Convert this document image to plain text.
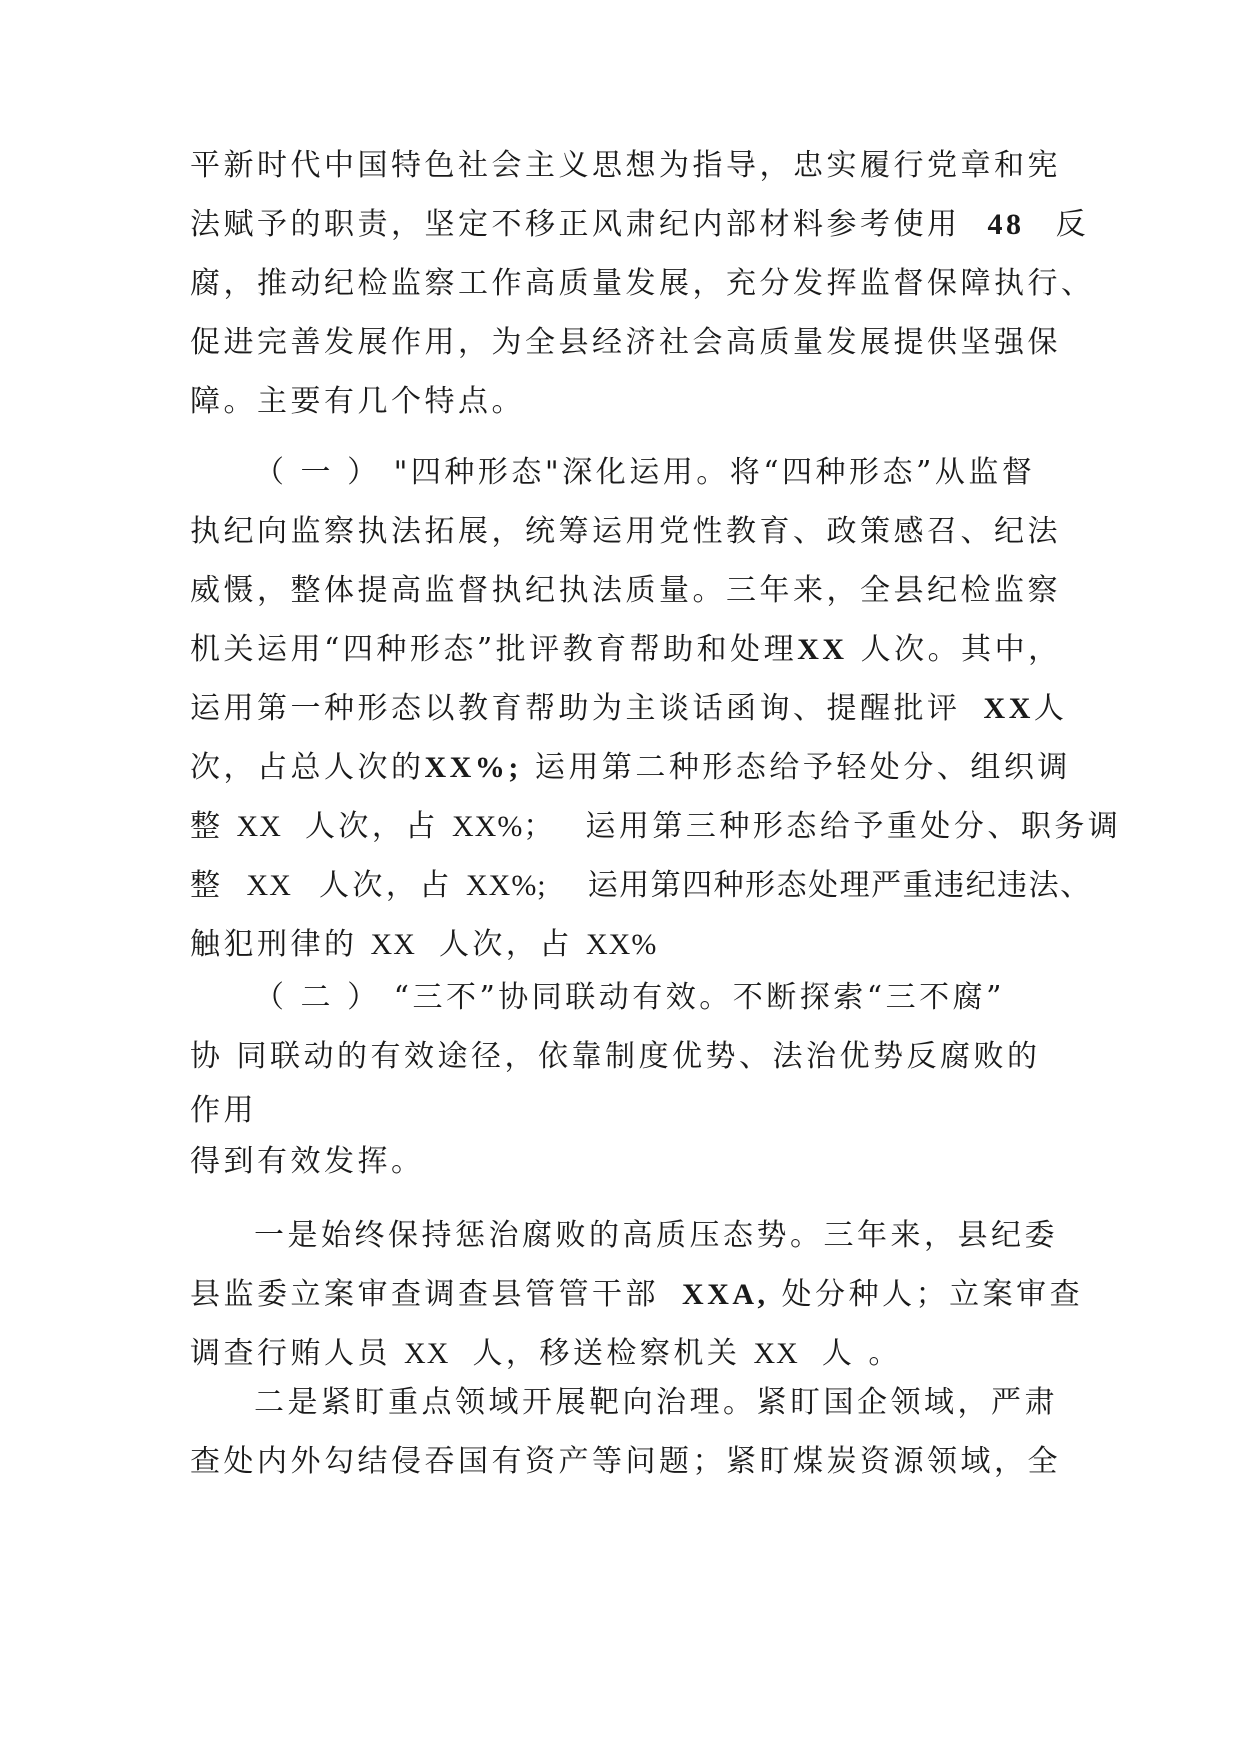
平新时代中国特色社会主义思想为指导，忠实履行党章和宪
法赋予的职责，坚定不移正风肃纪内部材料参考使用 48 反
腐，推动纪检监察工作高质量发展，充分发挥监督保障执行、
促进完善发展作用，为全县经济社会高质量发展提供坚强保
障。主要有几个特点。
（ 一 ） "四种形态"深化运用。将“四种形态”从监督
执纪向监察执法拓展，统筹运用党性教育、政策感召、纪法
威慑，整体提高监督执纪执法质量。三年来，全县纪检监察
机关运用“四种形态”批评教育帮助和处理XX 人次。其中，
运用第一种形态以教育帮助为主谈话函询、提醒批评 XX人
次，占总人次的XX%; 运用第二种形态给予轻处分、组织调
整 XX 人次，占 XX%； 运用第三种形态给予重处分、职务调
整 XX 人次，占 XX%; 运用第四种形态处理严重违纪违法、
触犯刑律的 XX 人次，占 XX%
（ 二 ） “三不”协同联动有效。不断探索“三不腐”
协 同联动的有效途径，依靠制度优势、法治优势反腐败的
作用
得到有效发挥。
一是始终保持惩治腐败的高质压态势。三年来，县纪委
县监委立案审查调查县管管干部 XXA, 处分种人；立案审查
调查行贿人员 XX 人，移送检察机关 XX 人 。
二是紧盯重点领域开展靶向治理。紧盯国企领域，严肃
查处内外勾结侵吞国有资产等问题；紧盯煤炭资源领域，全
